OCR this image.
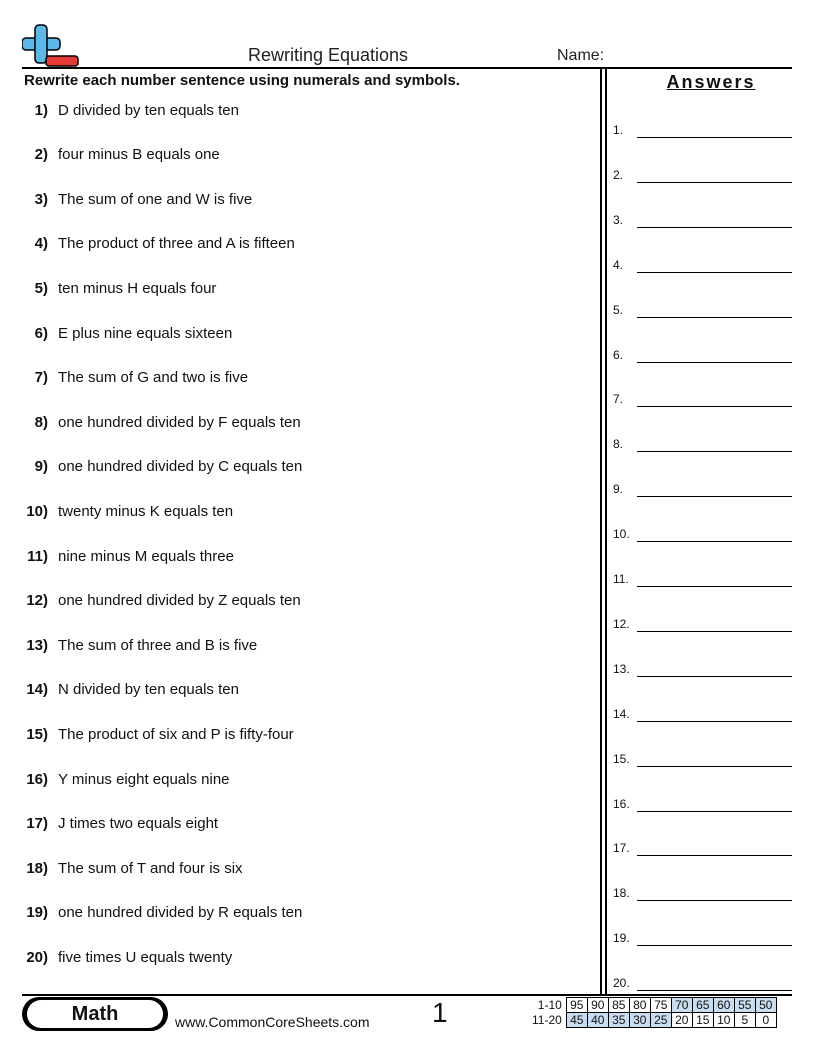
Rewriting Equations	Name:
Rewrite each number sentence using numerals and symbols.
1) D divided by ten equals ten
2) four minus B equals one
3) The sum of one and W is five
4) The product of three and A is fifteen
5) ten minus H equals four
6) E plus nine equals sixteen
7) The sum of G and two is five
8) one hundred divided by F equals ten
9) one hundred divided by C equals ten
10) twenty minus K equals ten
11) nine minus M equals three
12) one hundred divided by Z equals ten
13) The sum of three and B is five
14) N divided by ten equals ten
15) The product of six and P is fifty-four
16) Y minus eight equals nine
17) J times two equals eight
18) The sum of T and four is six
19) one hundred divided by R equals ten
20) five times U equals twenty
Answers
1.
2.
3.
4.
5.
6.
7.
8.
9.
10.
11.
12.
13.
14.
15.
16.
17.
18.
19.
20.
Math	www.CommonCoreSheets.com 1	1-10	95	90	85	80	75	70	65	60	55	50
11-20	45	40	35	30	25	20	15	10	5	0
